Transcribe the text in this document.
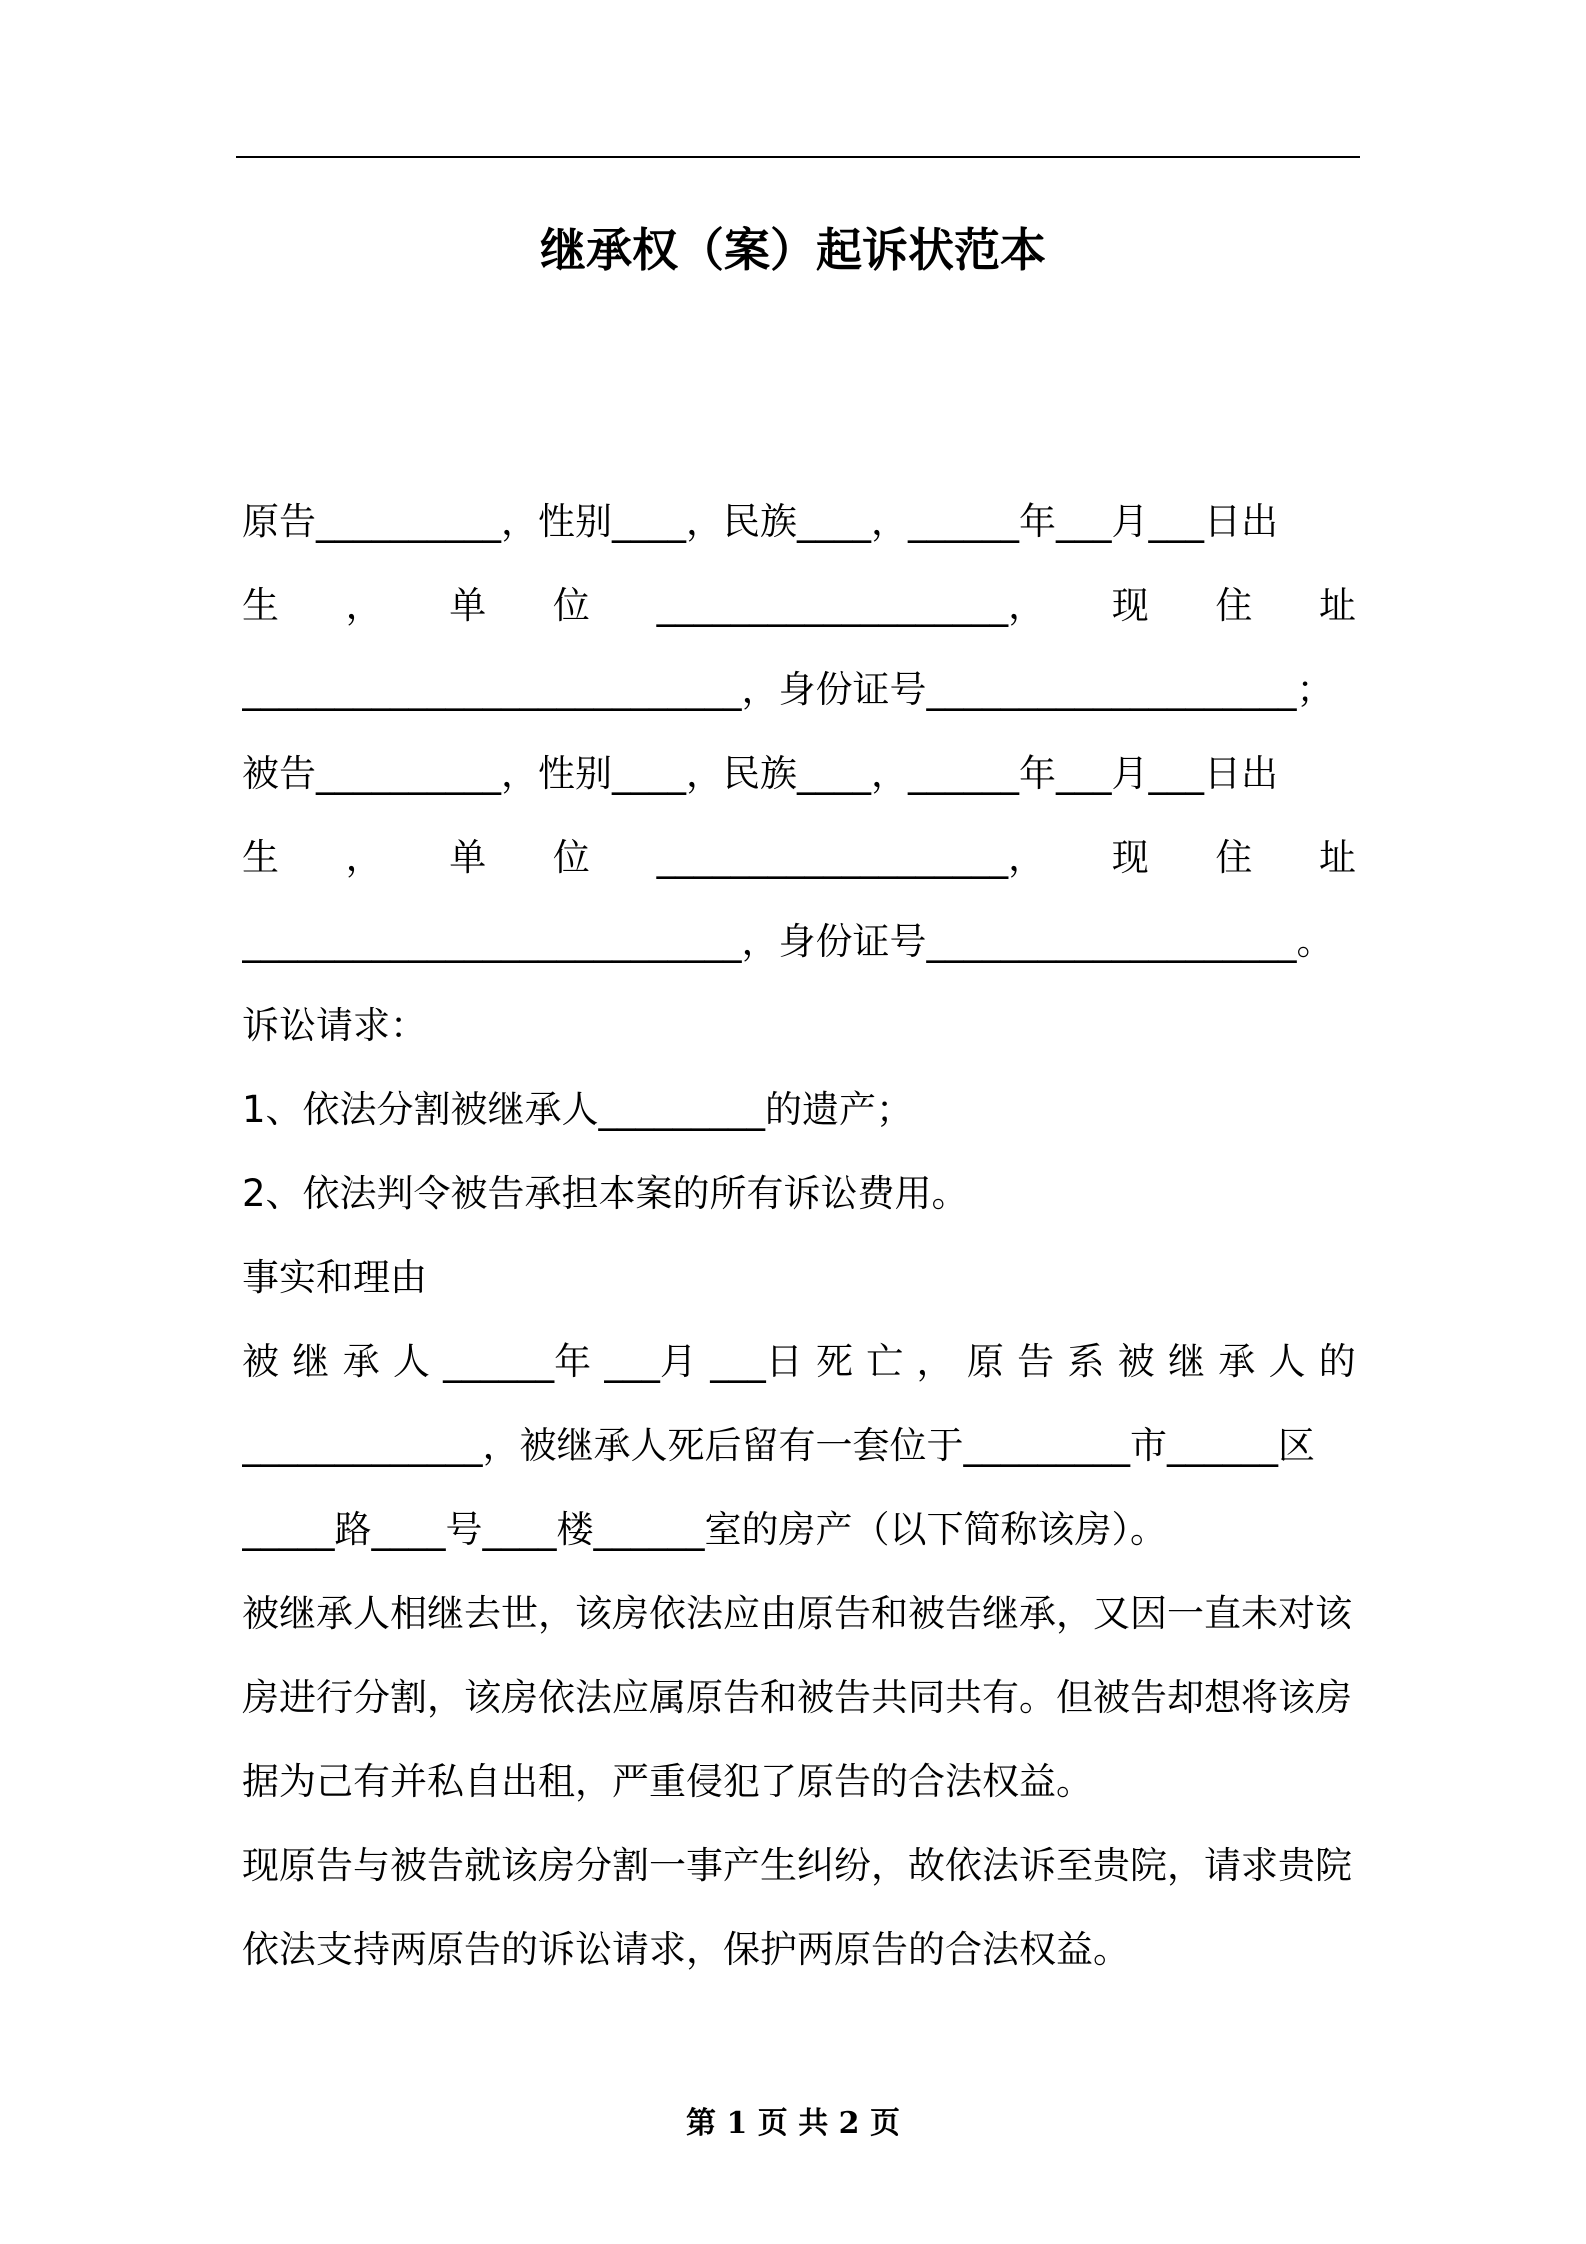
继承权（案）起诉状范本

原告__________，性别____，民族____，______年___月___日出

生 ， 单 位 ___________________， 现 住 址

___________________________，身份证号____________________；

被告__________，性别____，民族____，______年___月___日出

生 ， 单 位 ___________________， 现 住 址

___________________________，身份证号____________________。

诉讼请求：

1、依法分割被继承人_________的遗产；

2、依法判令被告承担本案的所有诉讼费用。

事实和理由

被 继 承 人 ______年 ___月 ___日 死 亡 ， 原 告 系 被 继 承 人 的

_____________，被继承人死后留有一套位于_________市______区

_____路____号____楼______室的房产（以下简称该房）。

被继承人相继去世，该房依法应由原告和被告继承，又因一直未对该

房进行分割，该房依法应属原告和被告共同共有。但被告却想将该房

据为己有并私自出租，严重侵犯了原告的合法权益。

现原告与被告就该房分割一事产生纠纷，故依法诉至贵院，请求贵院

依法支持两原告的诉讼请求，保护两原告的合法权益。

第 1 页 共 2 页
